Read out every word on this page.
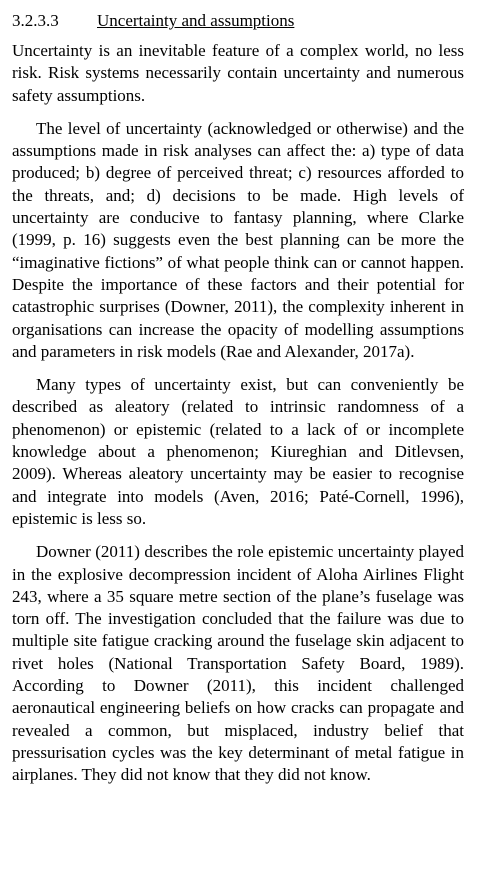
3.2.3.3 Uncertainty and assumptions

Uncertainty is an inevitable feature of a complex world, no less risk. Risk systems necessarily contain uncertainty and numerous safety assumptions.

The level of uncertainty (acknowledged or otherwise) and the assumptions made in risk analyses can affect the: a) type of data produced; b) degree of perceived threat; c) resources afforded to the threats, and; d) decisions to be made. High levels of uncertainty are conducive to fantasy planning, where Clarke (1999, p. 16) suggests even the best planning can be more the “imaginative fictions” of what people think can or cannot happen. Despite the importance of these factors and their potential for catastrophic surprises (Downer, 2011), the complexity inherent in organisations can increase the opacity of modelling assumptions and parameters in risk models (Rae and Alexander, 2017a).

Many types of uncertainty exist, but can conveniently be described as aleatory (related to intrinsic randomness of a phenomenon) or epistemic (related to a lack of or incomplete knowledge about a phenomenon; Kiureghian and Ditlevsen, 2009). Whereas aleatory uncertainty may be easier to recognise and integrate into models (Aven, 2016; Paté-Cornell, 1996), epistemic is less so.

Downer (2011) describes the role epistemic uncertainty played in the explosive decompression incident of Aloha Airlines Flight 243, where a 35 square metre section of the plane’s fuselage was torn off. The investigation concluded that the failure was due to multiple site fatigue cracking around the fuselage skin adjacent to rivet holes (National Transportation Safety Board, 1989). According to Downer (2011), this incident challenged aeronautical engineering beliefs on how cracks can propagate and revealed a common, but misplaced, industry belief that pressurisation cycles was the key determinant of metal fatigue in airplanes. They did not know that they did not know.
